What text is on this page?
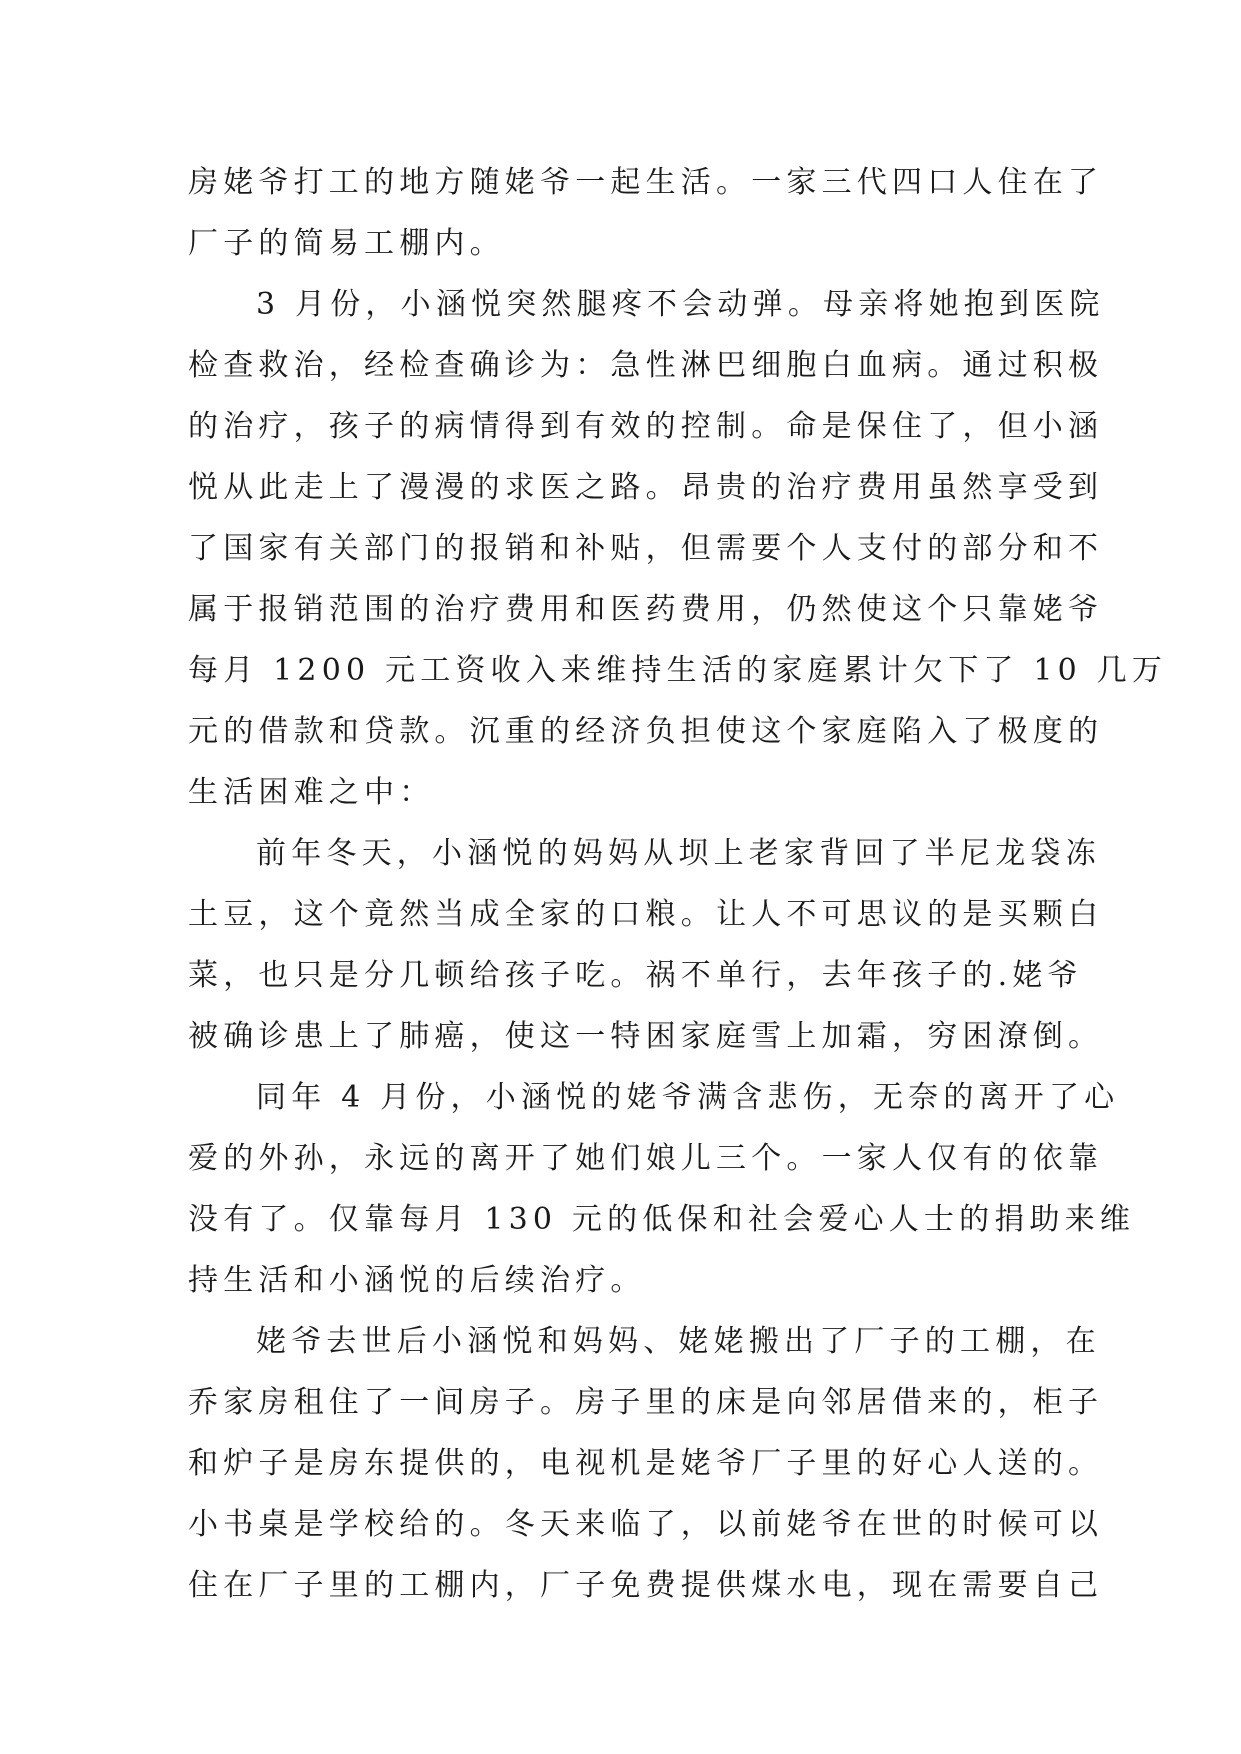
房姥爷打工的地方随姥爷一起生活。一家三代四口人住在了
厂子的简易工棚内。
3 月份，小涵悦突然腿疼不会动弹。母亲将她抱到医院
检查救治，经检查确诊为：急性淋巴细胞白血病。通过积极
的治疗，孩子的病情得到有效的控制。命是保住了，但小涵
悦从此走上了漫漫的求医之路。昂贵的治疗费用虽然享受到
了国家有关部门的报销和补贴，但需要个人支付的部分和不
属于报销范围的治疗费用和医药费用，仍然使这个只靠姥爷
每月 1200 元工资收入来维持生活的家庭累计欠下了 10 几万
元的借款和贷款。沉重的经济负担使这个家庭陷入了极度的
生活困难之中：
前年冬天，小涵悦的妈妈从坝上老家背回了半尼龙袋冻
土豆，这个竟然当成全家的口粮。让人不可思议的是买颗白
菜，也只是分几顿给孩子吃。祸不单行，去年孩子的.姥爷
被确诊患上了肺癌，使这一特困家庭雪上加霜，穷困潦倒。
同年 4 月份，小涵悦的姥爷满含悲伤，无奈的离开了心
爱的外孙，永远的离开了她们娘儿三个。一家人仅有的依靠
没有了。仅靠每月 130 元的低保和社会爱心人士的捐助来维
持生活和小涵悦的后续治疗。
姥爷去世后小涵悦和妈妈、姥姥搬出了厂子的工棚，在
乔家房租住了一间房子。房子里的床是向邻居借来的，柜子
和炉子是房东提供的，电视机是姥爷厂子里的好心人送的。
小书桌是学校给的。冬天来临了，以前姥爷在世的时候可以
住在厂子里的工棚内，厂子免费提供煤水电，现在需要自己
